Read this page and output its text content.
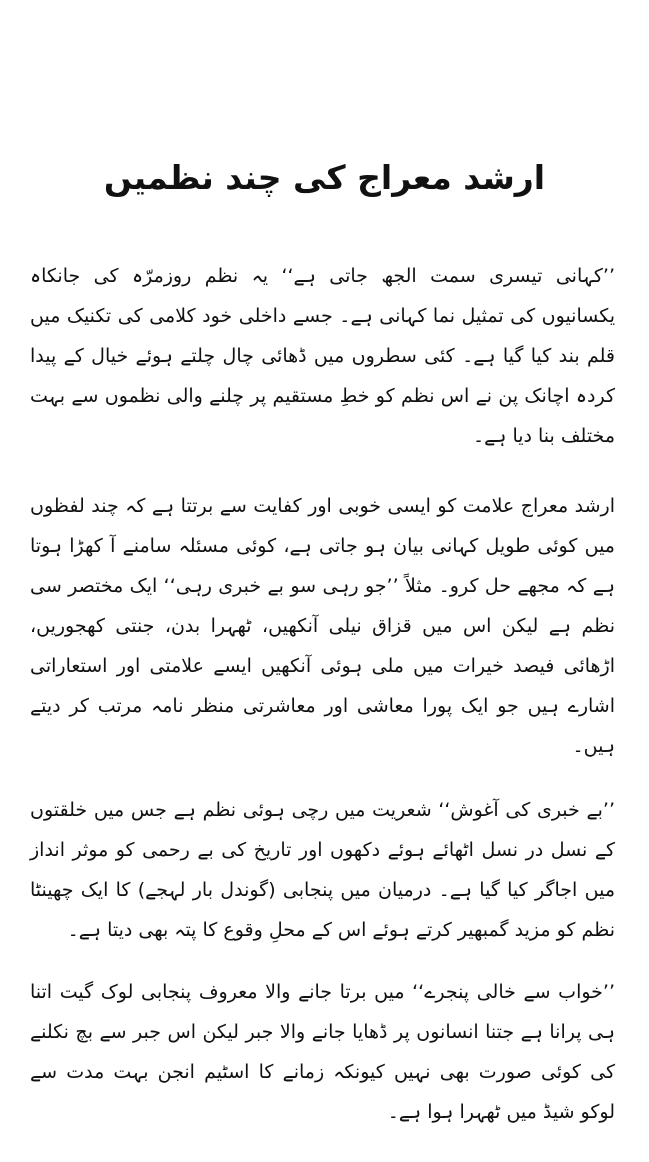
ارشد معراج کی چند نظمیں

’’کہانی تیسری سمت الجھ جاتی ہے‘‘ یہ نظم روزمرّہ کی جانکاہ یکسانیوں کی تمثیل نما کہانی ہے۔ جسے داخلی خود کلامی کی تکنیک میں قلم بند کیا گیا ہے۔ کئی سطروں میں ڈھائی چال چلتے ہوئے خیال کے پیدا کردہ اچانک پن نے اس نظم کو خطِ مستقیم پر چلنے والی نظموں سے بہت مختلف بنا دیا ہے۔

ارشد معراج علامت کو ایسی خوبی اور کفایت سے برتتا ہے کہ چند لفظوں میں کوئی طویل کہانی بیان ہو جاتی ہے، کوئی مسئلہ سامنے آ کھڑا ہوتا ہے کہ مجھے حل کرو۔ مثلاً ’’جو رہی سو بے خبری رہی‘‘ ایک مختصر سی نظم ہے لیکن اس میں قزاق نیلی آنکھیں، ٹھہرا بدن، جنتی کھجوریں، اڑھائی فیصد خیرات میں ملی ہوئی آنکھیں ایسے علامتی اور استعاراتی اشارے ہیں جو ایک پورا معاشی اور معاشرتی منظر نامہ مرتب کر دیتے ہیں۔

’’بے خبری کی آغوش‘‘ شعریت میں رچی ہوئی نظم ہے جس میں خلقتوں کے نسل در نسل اٹھائے ہوئے دکھوں اور تاریخ کی بے رحمی کو موثر انداز میں اجاگر کیا گیا ہے۔ درمیان میں پنجابی (گوندل بار لہجے) کا ایک چھینٹا نظم کو مزید گمبھیر کرتے ہوئے اس کے محلِ وقوع کا پتہ بھی دیتا ہے۔

’’خواب سے خالی پنجرے‘‘ میں برتا جانے والا معروف پنجابی لوک گیت اتنا ہی پرانا ہے جتنا انسانوں پر ڈھایا جانے والا جبر لیکن اس جبر سے بچ نکلنے کی کوئی صورت بھی نہیں کیونکہ زمانے کا اسٹیم انجن بہت مدت سے لوکو شیڈ میں ٹھہرا ہوا ہے۔
